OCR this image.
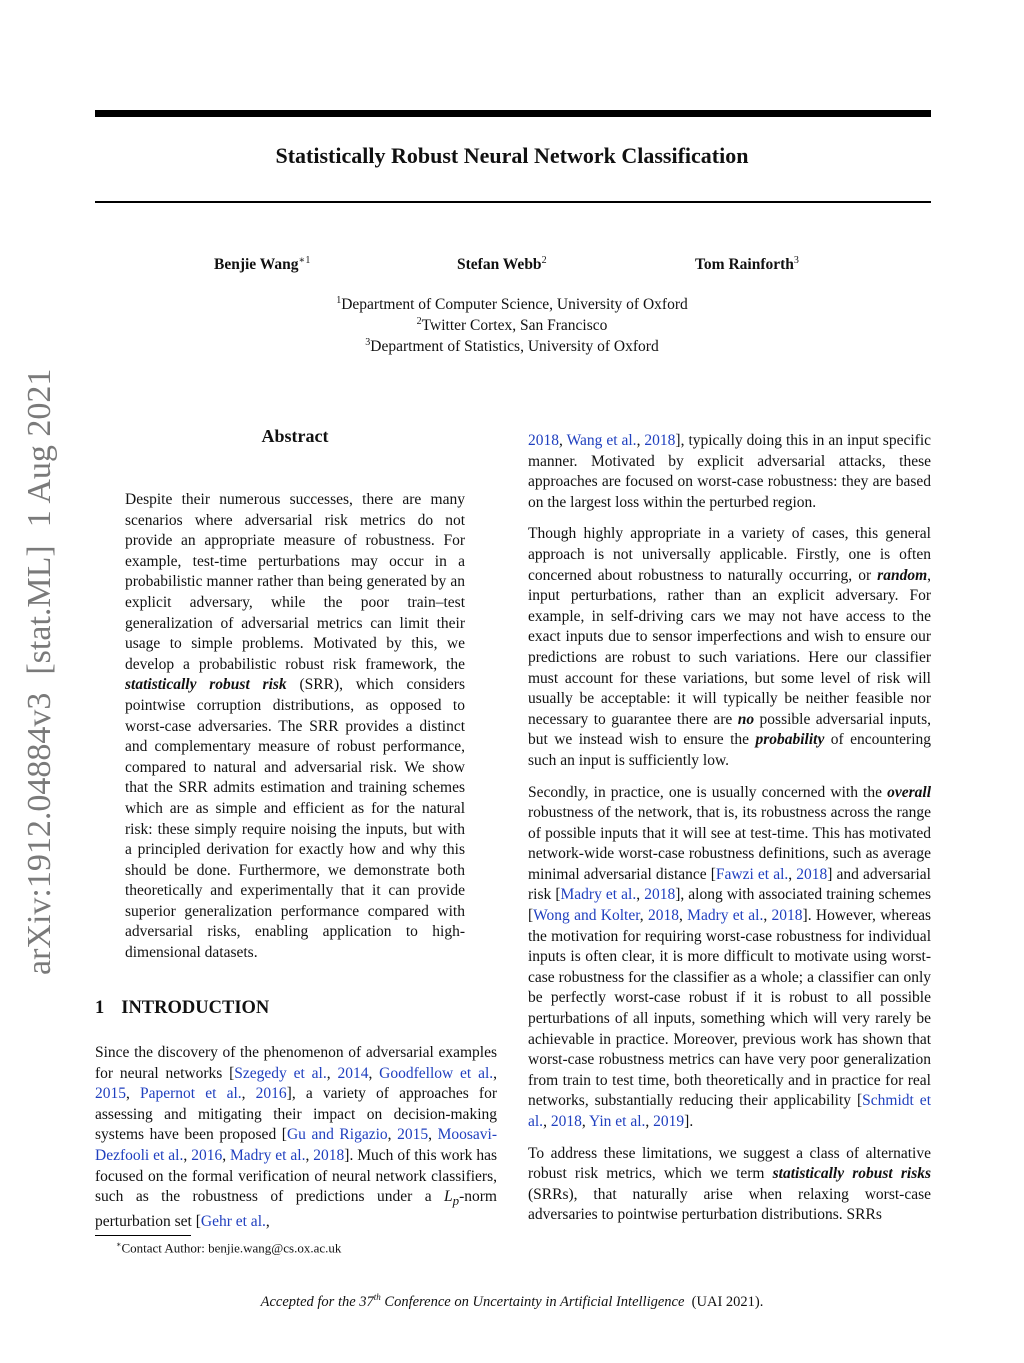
Statistically Robust Neural Network Classification
Benjie Wang$^{∗1}$	Stefan Webb$^2$	Tom Rainforth$^3$
$^1$Department of Computer Science, University of Oxford
$^2$Twitter Cortex, San Francisco
$^3$Department of Statistics, University of Oxford
arXiv:1912.04884v3[stat.ML]1 Aug 2021	Abstract
Despite their numerous successes, there are many scenarios where adversarial risk metrics do not provide an appropriate measure of robustness. For example, test-time perturbations may occur in a probabilistic manner rather than being generated by an explicit adversary, while the poor train–test generalization of adversarial metrics can limit their usage to simple problems. Motivated by this, we develop a probabilistic robust risk framework, the statistically robust risk (SRR), which considers pointwise corruption distributions, as opposed to worst-case adversaries. The SRR provides a distinct and complementary measure of robust performance, compared to natural and adversarial risk. We show that the SRR admits estimation and training schemes which are as simple and efficient as for the natural risk: these simply require noising the inputs, but with a principled derivation for exactly how and why this should be done. Furthermore, we demonstrate both theoretically and experimentally that it can provide superior generalization performance compared with adversarial risks, enabling application to high-dimensional datasets.
1 INTRODUCTION
Since the discovery of the phenomenon of adversarial examples for neural networks [Szegedy et al., 2014, Goodfellow et al., 2015, Papernot et al., 2016], a variety of approaches for assessing and mitigating their impact on decision-making systems have been proposed [Gu and Rigazio, 2015, Moosavi-Dezfooli et al., 2016, Madry et al., 2018]. Much of this work has focused on the formal verification of neural network classifiers, such as the robustness of predictions under a $L_p$-norm perturbation set [Gehr et al.,
∗Contact Author: benjie.wang@cs.ox.ac.uk

2018, Wang et al., 2018], typically doing this in an input specific manner. Motivated by explicit adversarial attacks, these approaches are focused on worst-case robustness: they are based on the largest loss within the perturbed region.

Though highly appropriate in a variety of cases, this general approach is not universally applicable. Firstly, one is often concerned about robustness to naturally occurring, or random, input perturbations, rather than an explicit adversary. For example, in self-driving cars we may not have access to the exact inputs due to sensor imperfections and wish to ensure our predictions are robust to such variations. Here our classifier must account for these variations, but some level of risk will usually be acceptable: it will typically be neither feasible nor necessary to guarantee there are no possible adversarial inputs, but we instead wish to ensure the probability of encountering such an input is sufficiently low.

Secondly, in practice, one is usually concerned with the overall robustness of the network, that is, its robustness across the range of possible inputs that it will see at test-time. This has motivated network-wide worst-case robustness definitions, such as average minimal adversarial distance [Fawzi et al., 2018] and adversarial risk [Madry et al., 2018], along with associated training schemes [Wong and Kolter, 2018, Madry et al., 2018]. However, whereas the motivation for requiring worst-case robustness for individual inputs is often clear, it is more difficult to motivate using worst-case robustness for the classifier as a whole; a classifier can only be perfectly worst-case robust if it is robust to all possible perturbations of all inputs, something which will very rarely be achievable in practice. Moreover, previous work has shown that worst-case robustness metrics can have very poor generalization from train to test time, both theoretically and in practice for real networks, substantially reducing their applicability [Schmidt et al., 2018, Yin et al., 2019].

To address these limitations, we suggest a class of alternative robust risk metrics, which we term statistically robust risks (SRRs), that naturally arise when relaxing worst-case adversaries to pointwise perturbation distributions. SRRs

Accepted for the 37th Conference on Uncertainty in Artificial Intelligence (UAI 2021).
